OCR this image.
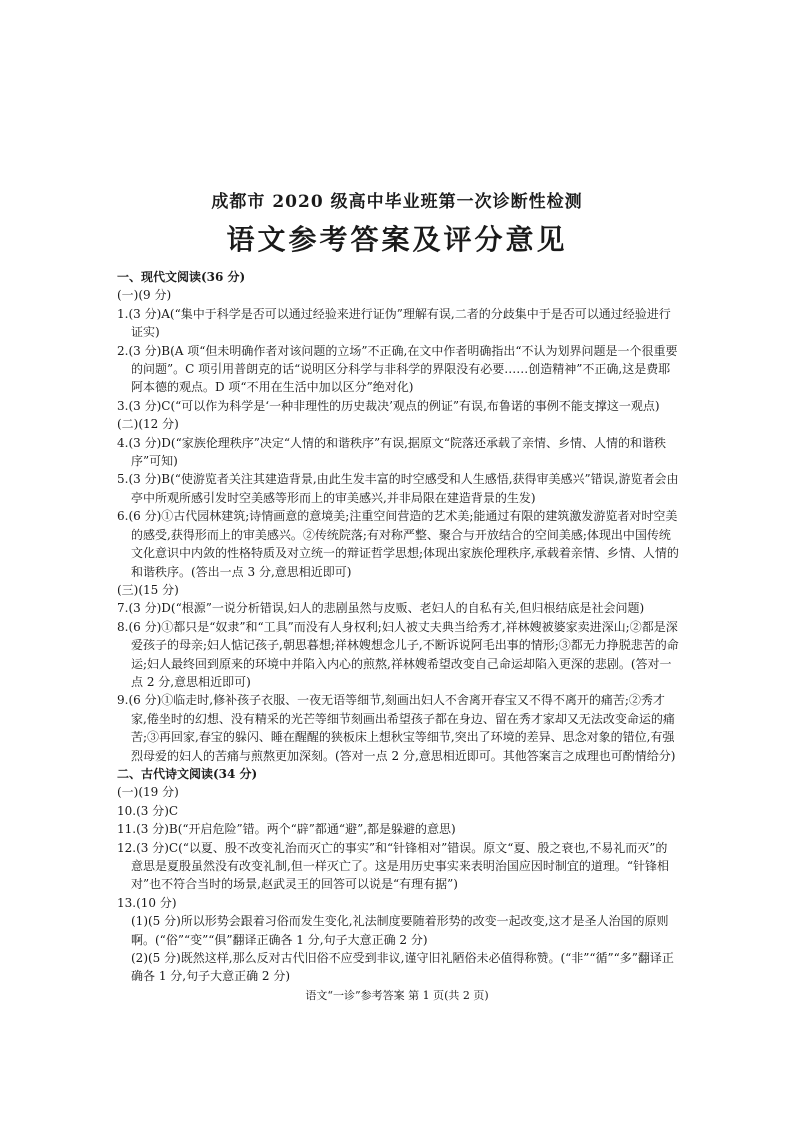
成都市 2020 级高中毕业班第一次诊断性检测
语文参考答案及评分意见

一、现代文阅读(36 分)

(一)(9 分)

1.(3 分)A(“集中于科学是否可以通过经验来进行证伪”理解有误,二者的分歧集中于是否可以通过经验进行证实)

2.(3 分)B(A 项“但未明确作者对该问题的立场”不正确,在文中作者明确指出“不认为划界问题是一个很重要的问题”。C 项引用普朗克的话“说明区分科学与非科学的界限没有必要……创造精神”不正确,这是费耶阿本德的观点。D 项“不用在生活中加以区分”绝对化)

3.(3 分)C(“可以作为科学是‘一种非理性的历史裁决’观点的例证”有误,布鲁诺的事例不能支撑这一观点)

(二)(12 分)

4.(3 分)D(“家族伦理秩序”决定“人情的和谐秩序”有误,据原文“院落还承载了亲情、乡情、人情的和谐秩序”可知)

5.(3 分)B(“使游览者关注其建造背景,由此生发丰富的时空感受和人生感悟,获得审美感兴”错误,游览者会由亭中所观所感引发时空美感等形而上的审美感兴,并非局限在建造背景的生发)

6.(6 分)①古代园林建筑;诗情画意的意境美;注重空间营造的艺术美;能通过有限的建筑激发游览者对时空美的感受,获得形而上的审美感兴。②传统院落;有对称严整、聚合与开放结合的空间美感;体现出中国传统文化意识中内敛的性格特质及对立统一的辩证哲学思想;体现出家族伦理秩序,承载着亲情、乡情、人情的和谐秩序。(答出一点 3 分,意思相近即可)

(三)(15 分)

7.(3 分)D(“根源”一说分析错误,妇人的悲剧虽然与皮贩、老妇人的自私有关,但归根结底是社会问题)

8.(6 分)①都只是“奴隶”和“工具”而没有人身权利;妇人被丈夫典当给秀才,祥林嫂被婆家卖进深山;②都是深爱孩子的母亲;妇人惦记孩子,朝思暮想;祥林嫂想念儿子,不断诉说阿毛出事的情形;③都无力挣脱悲苦的命运;妇人最终回到原来的环境中并陷入内心的煎熬,祥林嫂希望改变自己命运却陷入更深的悲剧。(答对一点 2 分,意思相近即可)

9.(6 分)①临走时,修补孩子衣服、一夜无语等细节,刻画出妇人不舍离开春宝又不得不离开的痛苦;②秀才家,倦坐时的幻想、没有精采的光芒等细节刻画出希望孩子都在身边、留在秀才家却又无法改变命运的痛苦;③再回家,春宝的躲闪、睡在醒醒的狭板床上想秋宝等细节,突出了环境的差异、思念对象的错位,有强烈母爱的妇人的苦痛与煎熬更加深刻。(答对一点 2 分,意思相近即可。其他答案言之成理也可酌情给分)

二、古代诗文阅读(34 分)

(一)(19 分)

10.(3 分)C

11.(3 分)B(“开启危险”错。两个“辟”都通“避”,都是躲避的意思)

12.(3 分)C(“以夏、殷不改变礼治而灭亡的事实”和“针锋相对”错误。原文“夏、殷之衰也,不易礼而灭”的意思是夏殷虽然没有改变礼制,但一样灭亡了。这是用历史事实来表明治国应因时制宜的道理。“针锋相对”也不符合当时的场景,赵武灵王的回答可以说是“有理有据”)

13.(10 分)

(1)(5 分)所以形势会跟着习俗而发生变化,礼法制度要随着形势的改变一起改变,这才是圣人治国的原则啊。(“俗”“变”“俱”翻译正确各 1 分,句子大意正确 2 分)

(2)(5 分)既然这样,那么反对古代旧俗不应受到非议,谨守旧礼陋俗未必值得称赞。(“非”“循”“多”翻译正确各 1 分,句子大意正确 2 分)

语文“一诊”参考答案 第 1 页(共 2 页)
